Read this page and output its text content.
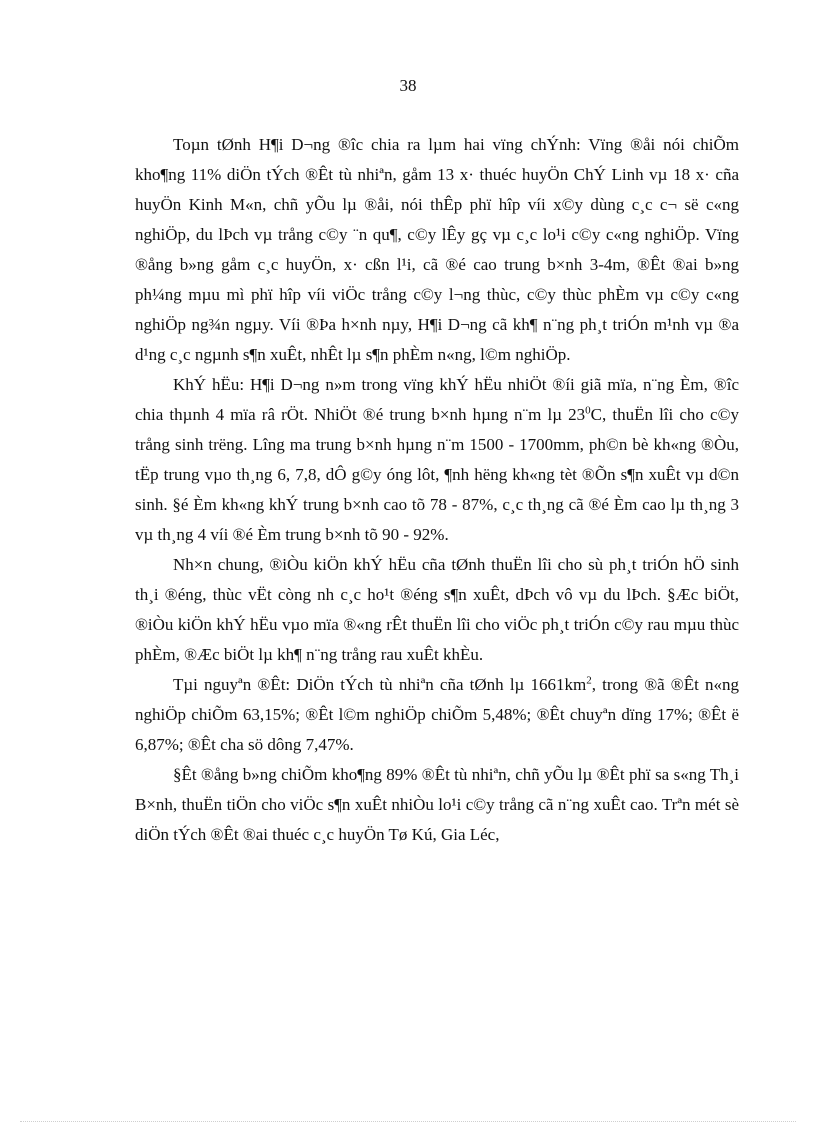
38

Toµn tØnh H¶i D¬ng ®îc chia ra lµm hai vïng chÝnh: Vïng ®åi nói chiÕm kho¶ng 11% diÖn tÝch ®Êt tù nhiªn, gåm 13 x· thuéc huyÖn ChÝ Linh vµ 18 x· cña huyÖn Kinh M«n, chñ yÕu lµ ®åi, nói thÊp phï hîp víi x©y dùng c¸c c¬ së c«ng nghiÖp, du lÞch vµ trång c©y ¨n qu¶, c©y lÊy gç vµ c¸c lo¹i c©y c«ng nghiÖp. Vïng ®ång b»ng gåm c¸c huyÖn, x· cßn l¹i, cã ®é cao trung b×nh 3-4m, ®Êt ®ai b»ng ph¼ng mµu mì phï hîp víi viÖc trång c©y l¬ng thùc, c©y thùc phÈm vµ c©y c«ng nghiÖp ng¾n ngµy. Víi ®Þa h×nh nµy, H¶i D¬ng cã kh¶ n¨ng ph¸t triÓn m¹nh vµ ®a d¹ng c¸c ngµnh s¶n xuÊt, nhÊt lµ s¶n phÈm n«ng, l©m nghiÖp.

KhÝ hËu: H¶i D¬ng n»m trong vïng khÝ hËu nhiÖt ®íi giã mïa, n¨ng Èm, ®îc chia thµnh 4 mïa râ rÖt. NhiÖt ®é trung b×nh hµng n¨m lµ $23^0C$, thuËn lîi cho c©y trång sinh trëng. Lîng ma trung b×nh hµng n¨m 1500 - 1700mm, ph©n bè kh«ng ®Òu, tËp trung vµo th¸ng 6, 7,8, dÔ g©y óng lôt, ¶nh hëng kh«ng tèt ®Õn s¶n xuÊt vµ d©n sinh. §é Èm kh«ng khÝ trung b×nh cao tõ 78 - 87%, c¸c th¸ng cã ®é Èm cao lµ th¸ng 3 vµ th¸ng 4 víi ®é Èm trung b×nh tõ 90 - 92%.

Nh×n chung, ®iÒu kiÖn khÝ hËu cña tØnh thuËn lîi cho sù ph¸t triÓn hÖ sinh th¸i ®éng, thùc vËt còng nh c¸c ho¹t ®éng s¶n xuÊt, dÞch vô vµ du lÞch. §Æc biÖt, ®iÒu kiÖn khÝ hËu vµo mïa ®«ng rÊt thuËn lîi cho viÖc ph¸t triÓn c©y rau mµu thùc phÈm, ®Æc biÖt lµ kh¶ n¨ng trång rau xuÊt khÈu.

Tµi nguyªn ®Êt: DiÖn tÝch tù nhiªn cña tØnh lµ $1661km^2$, trong ®ã ®Êt n«ng nghiÖp chiÕm 63,15%; ®Êt l©m nghiÖp chiÕm 5,48%; ®Êt chuyªn dïng 17%; ®Êt ë 6,87%; ®Êt cha sö dông 7,47%.

§Êt ®ång b»ng chiÕm kho¶ng 89% ®Êt tù nhiªn, chñ yÕu lµ ®Êt phï sa s«ng Th¸i B×nh, thuËn tiÖn cho viÖc s¶n xuÊt nhiÒu lo¹i c©y trång cã n¨ng xuÊt cao. Trªn mét sè diÖn tÝch ®Êt ®ai thuéc c¸c huyÖn Tø Kú, Gia Léc,
